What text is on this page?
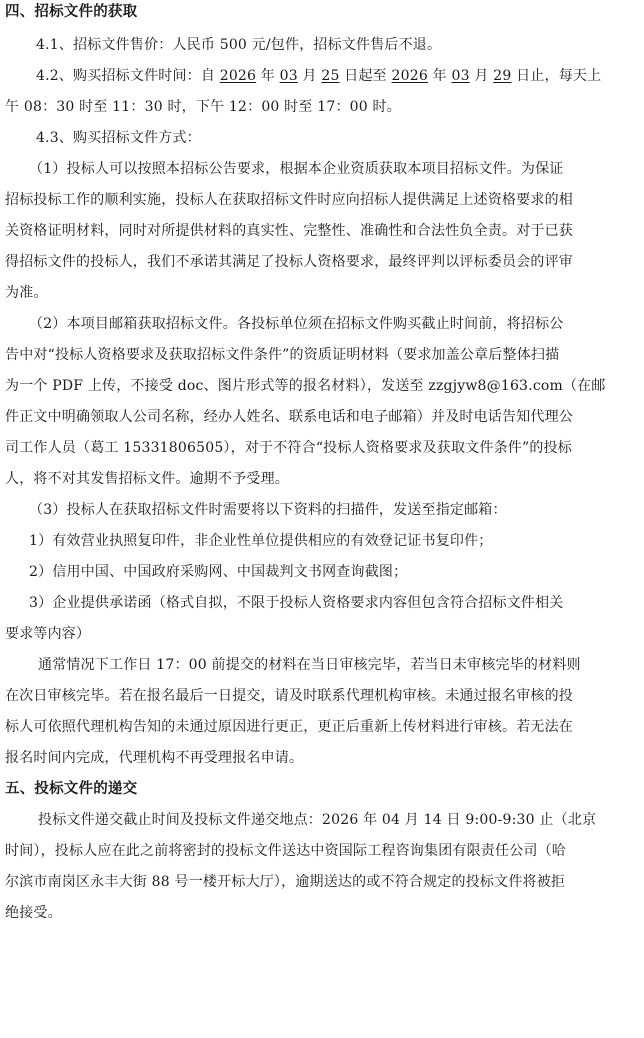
四、招标文件的获取
4.1、招标文件售价：人民币 500 元/包件，招标文件售后不退。
4.2、购买招标文件时间：自 2026 年 03 月 25 日起至 2026 年 03 月 29 日止，每天上
午 08：30 时至 11：30 时，下午 12：00 时至 17：00 时。
4.3、购买招标文件方式：
（1）投标人可以按照本招标公告要求，根据本企业资质获取本项目招标文件。为保证
招标投标工作的顺利实施，投标人在获取招标文件时应向招标人提供满足上述资格要求的相
关资格证明材料，同时对所提供材料的真实性、完整性、准确性和合法性负全责。对于已获
得招标文件的投标人，我们不承诺其满足了投标人资格要求，最终评判以评标委员会的评审
为准。
（2）本项目邮箱获取招标文件。各投标单位须在招标文件购买截止时间前，将招标公
告中对“投标人资格要求及获取招标文件条件”的资质证明材料（要求加盖公章后整体扫描
为一个 PDF 上传，不接受 doc、图片形式等的报名材料），发送至 zzgjyw8@163.com（在邮
件正文中明确领取人公司名称，经办人姓名、联系电话和电子邮箱）并及时电话告知代理公
司工作人员（葛工 15331806505），对于不符合“投标人资格要求及获取文件条件”的投标
人，将不对其发售招标文件。逾期不予受理。
（3）投标人在获取招标文件时需要将以下资料的扫描件，发送至指定邮箱：
1）有效营业执照复印件，非企业性单位提供相应的有效登记证书复印件；
2）信用中国、中国政府采购网、中国裁判文书网查询截图；
3）企业提供承诺函（格式自拟，不限于投标人资格要求内容但包含符合招标文件相关
要求等内容）
通常情况下工作日 17：00 前提交的材料在当日审核完毕，若当日未审核完毕的材料则
在次日审核完毕。若在报名最后一日提交，请及时联系代理机构审核。未通过报名审核的投
标人可依照代理机构告知的未通过原因进行更正，更正后重新上传材料进行审核。若无法在
报名时间内完成，代理机构不再受理报名申请。
五、投标文件的递交
投标文件递交截止时间及投标文件递交地点：2026 年 04 月 14 日 9:00-9:30 止（北京
时间），投标人应在此之前将密封的投标文件送达中资国际工程咨询集团有限责任公司（哈
尔滨市南岗区永丰大街 88 号一楼开标大厅），逾期送达的或不符合规定的投标文件将被拒
绝接受。
